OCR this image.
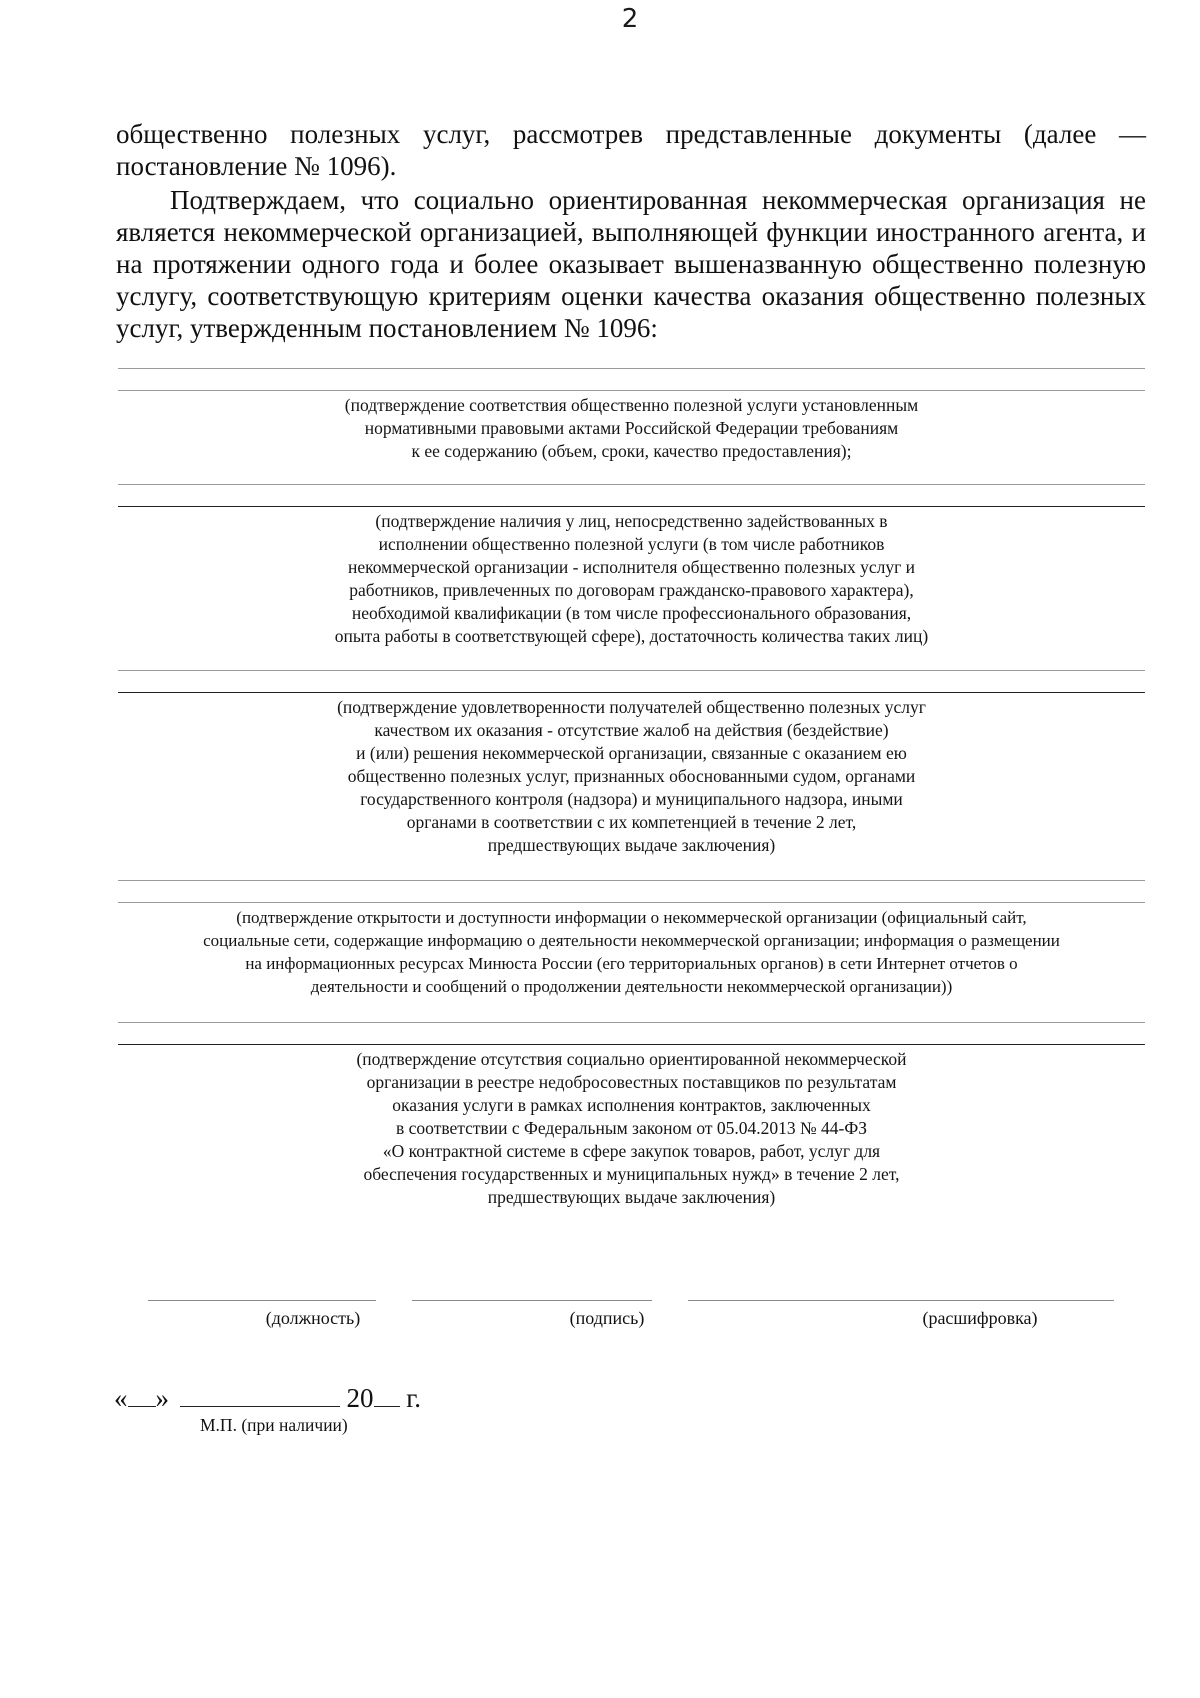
2

общественно полезных услуг, рассмотрев представленные документы (далее — постановление № 1096).

Подтверждаем, что социально ориентированная некоммерческая организация не является некоммерческой организацией, выполняющей функции иностранного агента, и на протяжении одного года и более оказывает вышеназванную общественно полезную услугу, соответствующую критериям оценки качества оказания общественно полезных услуг, утвержденным постановлением № 1096:

(подтверждение соответствия общественно полезной услуги установленным
нормативными правовыми актами Российской Федерации требованиям
к ее содержанию (объем, сроки, качество предоставления);
(подтверждение наличия у лиц, непосредственно задействованных в
исполнении общественно полезной услуги (в том числе работников
некоммерческой организации - исполнителя общественно полезных услуг и
работников, привлеченных по договорам гражданско-правового характера),
необходимой квалификации (в том числе профессионального образования,
опыта работы в соответствующей сфере), достаточность количества таких лиц)
(подтверждение удовлетворенности получателей общественно полезных услуг
качеством их оказания - отсутствие жалоб на действия (бездействие)
и (или) решения некоммерческой организации, связанные с оказанием ею
общественно полезных услуг, признанных обоснованными судом, органами
государственного контроля (надзора) и муниципального надзора, иными
органами в соответствии с их компетенцией в течение 2 лет,
предшествующих выдаче заключения)
(подтверждение открытости и доступности информации о некоммерческой организации (официальный сайт,
социальные сети, содержащие информацию о деятельности некоммерческой организации; информация о размещении
на информационных ресурсах Минюста России (его территориальных органов) в сети Интернет отчетов о
деятельности и сообщений о продолжении деятельности некоммерческой организации))
(подтверждение отсутствия социально ориентированной некоммерческой
организации в реестре недобросовестных поставщиков по результатам
оказания услуги в рамках исполнения контрактов, заключенных
в соответствии с Федеральным законом от 05.04.2013 № 44-ФЗ
«О контрактной системе в сфере закупок товаров, работ, услуг для
обеспечения государственных и муниципальных нужд» в течение 2 лет,
предшествующих выдаче заключения)
(должность)	(подпись)	(расшифровка)
« »	20 г.
М.П. (при наличии)
